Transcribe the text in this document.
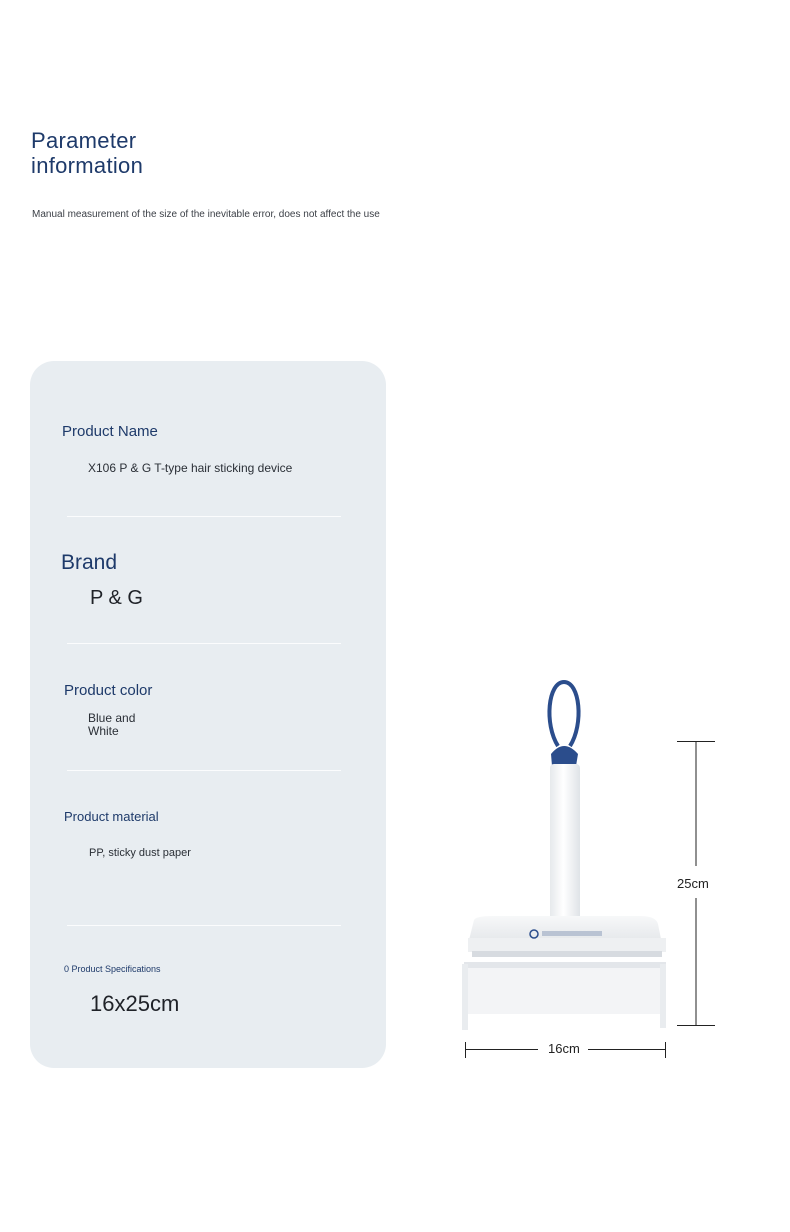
Parameter
information
Manual measurement of the size of the inevitable error, does not affect the use
Product Name
X106 P & G T-type hair sticking device
Brand
P & G
Product color
Blue and
White
Product material
PP, sticky dust paper
0 Product Specifications
16x25cm
25cm
16cm
